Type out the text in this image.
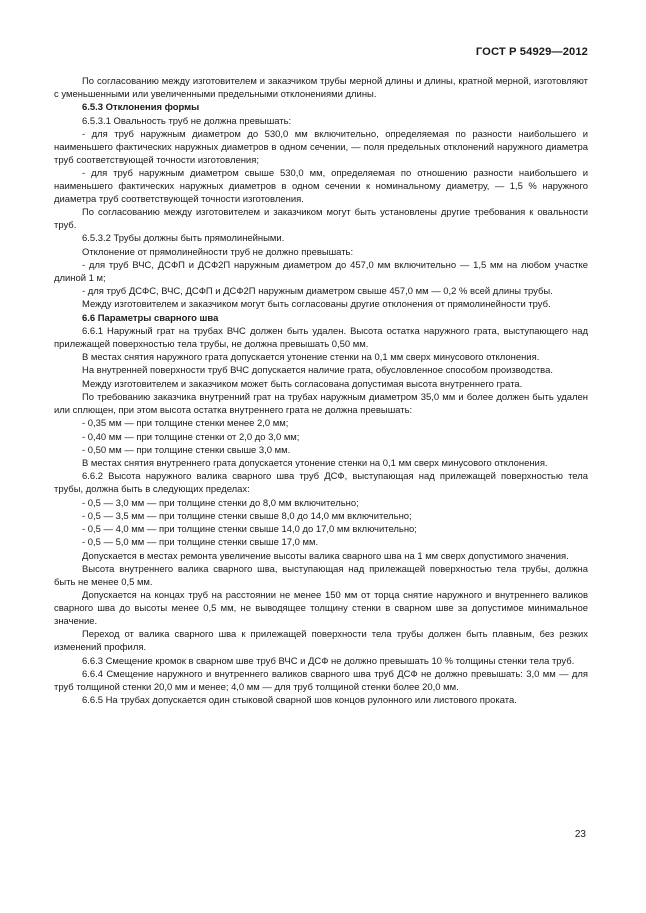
ГОСТ Р 54929—2012

По согласованию между изготовителем и заказчиком трубы мерной длины и длины, кратной мерной, изготовляют с уменьшенными или увеличенными предельными отклонениями длины.

6.5.3 Отклонения формы

6.5.3.1 Овальность труб не должна превышать:

- для труб наружным диаметром до 530,0 мм включительно, определяемая по разности наибольшего и наименьшего фактических наружных диаметров в одном сечении, — поля предельных отклонений наружного диаметра труб соответствующей точности изготовления;

- для труб наружным диаметром свыше 530,0 мм, определяемая по отношению разности наибольшего и наименьшего фактических наружных диаметров в одном сечении к номинальному диаметру, — 1,5 % наружного диаметра труб соответствующей точности изготовления.

По согласованию между изготовителем и заказчиком могут быть установлены другие требования к овальности труб.

6.5.3.2 Трубы должны быть прямолинейными.

Отклонение от прямолинейности труб не должно превышать:

- для труб ВЧС, ДСФП и ДСФ2П наружным диаметром до 457,0 мм включительно — 1,5 мм на любом участке длиной 1 м;

- для труб ДСФС, ВЧС, ДСФП и ДСФ2П наружным диаметром свыше 457,0 мм — 0,2 % всей длины трубы.

Между изготовителем и заказчиком могут быть согласованы другие отклонения от прямолинейности труб.

6.6 Параметры сварного шва

6.6.1 Наружный грат на трубах ВЧС должен быть удален. Высота остатка наружного грата, выступающего над прилежащей поверхностью тела трубы, не должна превышать 0,50 мм.

В местах снятия наружного грата допускается утонение стенки на 0,1 мм сверх минусового отклонения.

На внутренней поверхности труб ВЧС допускается наличие грата, обусловленное способом производства.

Между изготовителем и заказчиком может быть согласована допустимая высота внутреннего грата.

По требованию заказчика внутренний грат на трубах наружным диаметром 35,0 мм и более должен быть удален или сплющен, при этом высота остатка внутреннего грата не должна превышать:

- 0,35 мм — при толщине стенки менее 2,0 мм;

- 0,40 мм — при толщине стенки от 2,0 до 3,0 мм;

- 0,50 мм — при толщине стенки свыше 3,0 мм.

В местах снятия внутреннего грата допускается утонение стенки на 0,1 мм сверх минусового отклонения.

6.6.2 Высота наружного валика сварного шва труб ДСФ, выступающая над прилежащей поверхностью тела трубы, должна быть в следующих пределах:

- 0,5 — 3,0 мм — при толщине стенки до 8,0 мм включительно;

- 0,5 — 3,5 мм — при толщине стенки свыше 8,0 до 14,0 мм включительно;

- 0,5 — 4,0 мм — при толщине стенки свыше 14,0 до 17,0 мм включительно;

- 0,5 — 5,0 мм — при толщине стенки свыше 17,0 мм.

Допускается в местах ремонта увеличение высоты валика сварного шва на 1 мм сверх допустимого значения.

Высота внутреннего валика сварного шва, выступающая над прилежащей поверхностью тела трубы, должна быть не менее 0,5 мм.

Допускается на концах труб на расстоянии не менее 150 мм от торца снятие наружного и внутреннего валиков сварного шва до высоты менее 0,5 мм, не выводящее толщину стенки в сварном шве за допустимое минимальное значение.

Переход от валика сварного шва к прилежащей поверхности тела трубы должен быть плавным, без резких изменений профиля.

6.6.3 Смещение кромок в сварном шве труб ВЧС и ДСФ не должно превышать 10 % толщины стенки тела труб.

6.6.4 Смещение наружного и внутреннего валиков сварного шва труб ДСФ не должно превышать: 3,0 мм — для труб толщиной стенки 20,0 мм и менее; 4,0 мм — для труб толщиной стенки более 20,0 мм.

6.6.5 На трубах допускается один стыковой сварной шов концов рулонного или листового проката.

23
